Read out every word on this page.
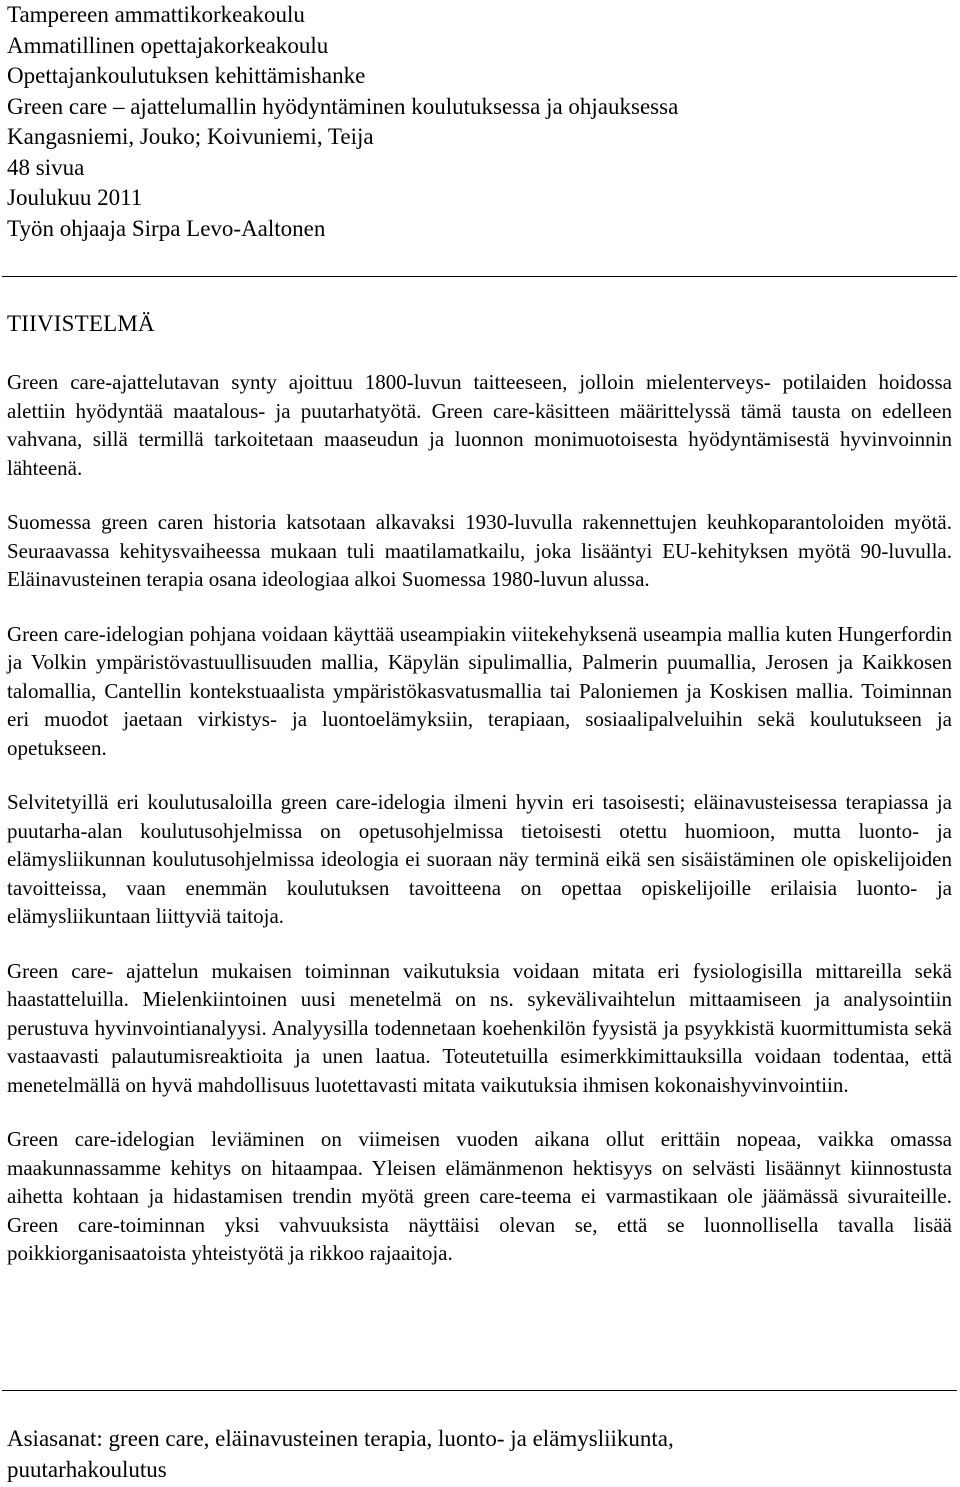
Tampereen ammattikorkeakoulu
Ammatillinen opettajakorkeakoulu
Opettajankoulutuksen kehittämishanke
Green care – ajattelumallin hyödyntäminen koulutuksessa ja ohjauksessa
Kangasniemi, Jouko; Koivuniemi, Teija
48 sivua
Joulukuu 2011
Työn ohjaaja Sirpa Levo-Aaltonen
TIIVISTELMÄ

Green care-ajattelutavan synty ajoittuu 1800-luvun taitteeseen, jolloin mielenterveys- potilaiden hoidossa alettiin hyödyntää maatalous- ja puutarhatyötä. Green care-käsitteen määrittelyssä tämä tausta on edelleen vahvana, sillä termillä tarkoitetaan maaseudun ja luonnon monimuotoisesta hyödyntämisestä hyvinvoinnin lähteenä.

Suomessa green caren historia katsotaan alkavaksi 1930-luvulla rakennettujen keuhkoparantoloiden myötä. Seuraavassa kehitysvaiheessa mukaan tuli maatilamatkailu, joka lisääntyi EU-kehityksen myötä 90-luvulla. Eläinavusteinen terapia osana ideologiaa alkoi Suomessa 1980-luvun alussa.

Green care-idelogian pohjana voidaan käyttää useampiakin viitekehyksenä useampia mallia kuten Hungerfordin ja Volkin ympäristövastuullisuuden mallia, Käpylän sipulimallia, Palmerin puumallia, Jerosen ja Kaikkosen talomallia, Cantellin kontekstuaalista ympäristökasvatusmallia tai Paloniemen ja Koskisen mallia. Toiminnan eri muodot jaetaan virkistys- ja luontoelämyksiin, terapiaan, sosiaalipalveluihin sekä koulutukseen ja opetukseen.

Selvitetyillä eri koulutusaloilla green care-idelogia ilmeni hyvin eri tasoisesti; eläinavusteisessa terapiassa ja puutarha-alan koulutusohjelmissa on opetusohjelmissa tietoisesti otettu huomioon, mutta luonto- ja elämysliikunnan koulutusohjelmissa ideologia ei suoraan näy terminä eikä sen sisäistäminen ole opiskelijoiden tavoitteissa, vaan enemmän koulutuksen tavoitteena on opettaa opiskelijoille erilaisia luonto- ja elämysliikuntaan liittyviä taitoja.

Green care- ajattelun mukaisen toiminnan vaikutuksia voidaan mitata eri fysiologisilla mittareilla sekä haastatteluilla. Mielenkiintoinen uusi menetelmä on ns. sykevälivaihtelun mittaamiseen ja analysointiin perustuva hyvinvointianalyysi. Analyysilla todennetaan koehenkilön fyysistä ja psyykkistä kuormittumista sekä vastaavasti palautumisreaktioita ja unen laatua. Toteutetuilla esimerkkimittauksilla voidaan todentaa, että menetelmällä on hyvä mahdollisuus luotettavasti mitata vaikutuksia ihmisen kokonaishyvinvointiin.

Green care-idelogian leviäminen on viimeisen vuoden aikana ollut erittäin nopeaa, vaikka omassa maakunnassamme kehitys on hitaampaa. Yleisen elämänmenon hektisyys on selvästi lisäännyt kiinnostusta aihetta kohtaan ja hidastamisen trendin myötä green care-teema ei varmastikaan ole jäämässä sivuraiteille. Green care-toiminnan yksi vahvuuksista näyttäisi olevan se, että se luonnollisella tavalla lisää poikkiorganisaatoista yhteistyötä ja rikkoo rajaaitoja.

Asiasanat: green care, eläinavusteinen terapia, luonto- ja elämysliikunta,
puutarhakoulutus
